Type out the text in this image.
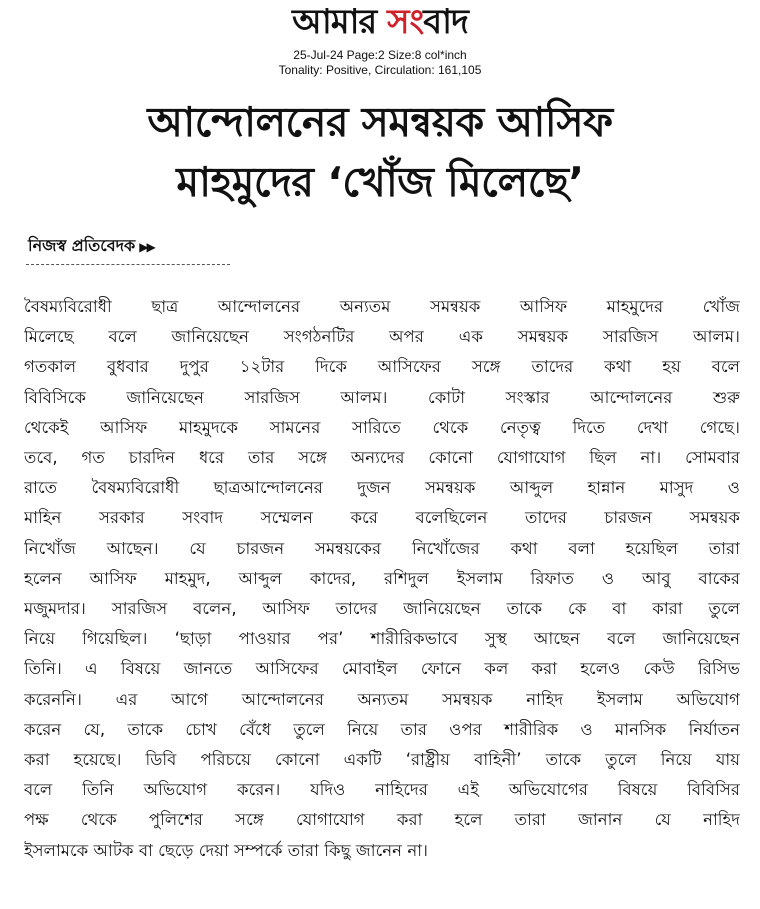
আমার সংবাদ
25-Jul-24 Page:2 Size:8 col*inch
Tonality: Positive, Circulation: 161,105
আন্দোলনের সমন্বয়ক আসিফ
মাহমুদের ‘খোঁজ মিলেছে’
নিজস্ব প্রতিবেদক ▶▶
বৈষম্যবিরোধী ছাত্র আন্দোলনের অন্যতম সমন্বয়ক আসিফ মাহমুদের খোঁজ
মিলেছে বলে জানিয়েছেন সংগঠনটির অপর এক সমন্বয়ক সারজিস আলম।
গতকাল বুধবার দুপুর ১২টার দিকে আসিফের সঙ্গে তাদের কথা হয় বলে
বিবিসিকে জানিয়েছেন সারজিস আলম। কোটা সংস্কার আন্দোলনের শুরু
থেকেই আসিফ মাহমুদকে সামনের সারিতে থেকে নেতৃত্ব দিতে দেখা গেছে।
তবে, গত চারদিন ধরে তার সঙ্গে অন্যদের কোনো যোগাযোগ ছিল না। সোমবার
রাতে বৈষম্যবিরোধী ছাত্রআন্দোলনের দুজন সমন্বয়ক আব্দুল হান্নান মাসুদ ও
মাহিন সরকার সংবাদ সম্মেলন করে বলেছিলেন তাদের চারজন সমন্বয়ক
নিখোঁজ আছেন। যে চারজন সমন্বয়কের নিখোঁজের কথা বলা হয়েছিল তারা
হলেন আসিফ মাহমুদ, আব্দুল কাদের, রশিদুল ইসলাম রিফাত ও আবু বাকের
মজুমদার। সারজিস বলেন, আসিফ তাদের জানিয়েছেন তাকে কে বা কারা তুলে
নিয়ে গিয়েছিল। ‘ছাড়া পাওয়ার পর’ শারীরিকভাবে সুস্থ আছেন বলে জানিয়েছেন
তিনি। এ বিষয়ে জানতে আসিফের মোবাইল ফোনে কল করা হলেও কেউ রিসিভ
করেননি। এর আগে আন্দোলনের অন্যতম সমন্বয়ক নাহিদ ইসলাম অভিযোগ
করেন যে, তাকে চোখ বেঁধে তুলে নিয়ে তার ওপর শারীরিক ও মানসিক নির্যাতন
করা হয়েছে। ডিবি পরিচয়ে কোনো একটি ‘রাষ্ট্রীয় বাহিনী’ তাকে তুলে নিয়ে যায়
বলে তিনি অভিযোগ করেন। যদিও নাহিদের এই অভিযোগের বিষয়ে বিবিসির
পক্ষ থেকে পুলিশের সঙ্গে যোগাযোগ করা হলে তারা জানান যে নাহিদ
ইসলামকে আটক বা ছেড়ে দেয়া সম্পর্কে তারা কিছু জানেন না।
